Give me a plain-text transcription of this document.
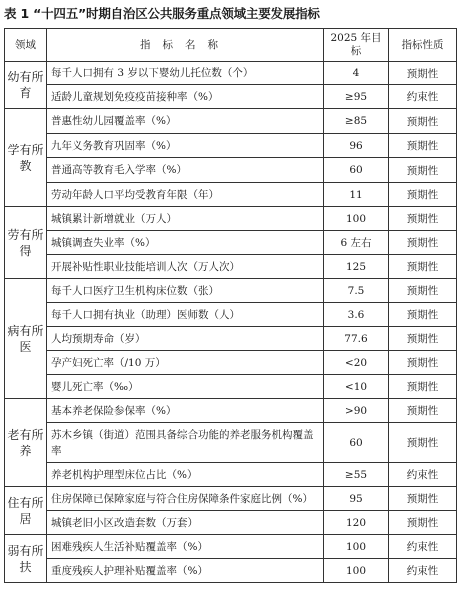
表 1 “十四五”时期自治区公共服务重点领域主要发展指标
领域	指标名称	2025 年目标	指标性质
幼有所育	每千人口拥有 3 岁以下婴幼儿托位数（个）	4	预期性
	适龄儿童规划免疫疫苗接种率（%）	≥95	约束性
学有所教	普惠性幼儿园覆盖率（%）	≥85	预期性
	九年义务教育巩固率（%）	96	预期性
	普通高等教育毛入学率（%）	60	预期性
	劳动年龄人口平均受教育年限（年）	11	预期性
劳有所得	城镇累计新增就业（万人）	100	预期性
	城镇调查失业率（%）	6 左右	预期性
	开展补贴性职业技能培训人次（万人次）	125	预期性
病有所医	每千人口医疗卫生机构床位数（张）	7.5	预期性
	每千人口拥有执业（助理）医师数（人）	3.6	预期性
	人均预期寿命（岁）	77.6	预期性
	孕产妇死亡率（/10 万）	<20	预期性
	婴儿死亡率（‰）	<10	预期性
老有所养	基本养老保险参保率（%）	>90	预期性
	苏木乡镇（街道）范围具备综合功能的养老服务机构覆盖率	60	预期性
	养老机构护理型床位占比（%）	≥55	约束性
住有所居	住房保障已保障家庭与符合住房保障条件家庭比例（%）	95	预期性
	城镇老旧小区改造套数（万套）	120	预期性
弱有所扶	困难残疾人生活补贴覆盖率（%）	100	约束性
	重度残疾人护理补贴覆盖率（%）	100	约束性
